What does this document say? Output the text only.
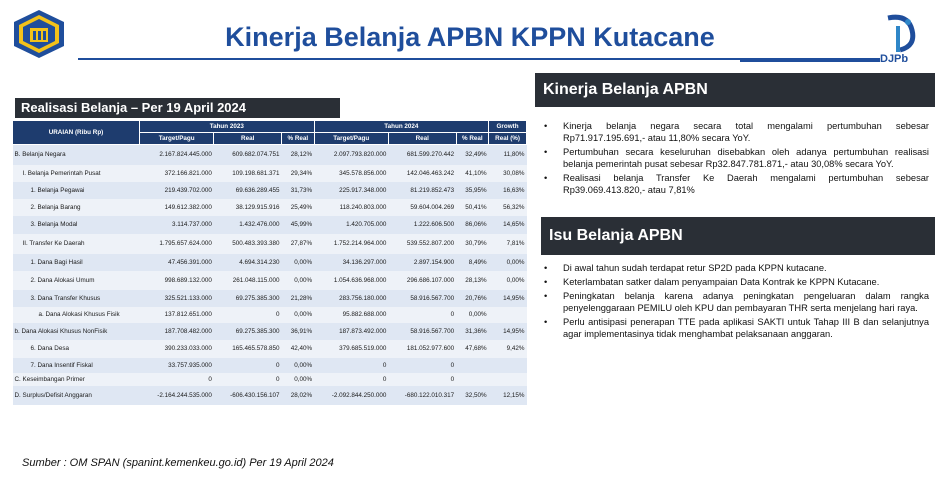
Kinerja Belanja APBN KPPN Kutacane
DJPb
Realisasi Belanja – Per 19 April 2024
URAIAN (Ribu Rp)	Tahun 2023			Tahun 2024			Growth
	Target/Pagu	Real	% Real	Target/Pagu	Real	% Real	Real (%)
B. Belanja Negara	2.167.824.445.000	609.682.074.751	28,12%	2.097.793.820.000	681.599.270.442	32,49%	11,80%
I. Belanja Pemerintah Pusat	372.166.821.000	109.198.681.371	29,34%	345.578.856.000	142.046.463.242	41,10%	30,08%
1. Belanja Pegawai	219.439.702.000	69.636.289.455	31,73%	225.917.348.000	81.219.852.473	35,95%	16,63%
2. Belanja Barang	149.612.382.000	38.129.915.916	25,49%	118.240.803.000	59.604.004.269	50,41%	56,32%
3. Belanja Modal	3.114.737.000	1.432.476.000	45,99%	1.420.705.000	1.222.606.500	86,06%	14,65%
II. Transfer Ke Daerah	1.795.657.624.000	500.483.393.380	27,87%	1.752.214.964.000	539.552.807.200	30,79%	7,81%
1. Dana Bagi Hasil	47.456.391.000	4.694.314.230	0,00%	34.136.297.000	2.897.154.900	8,49%	0,00%
2. Dana Alokasi Umum	998.689.132.000	261.048.115.000	0,00%	1.054.636.968.000	296.686.107.000	28,13%	0,00%
3. Dana Transfer Khusus	325.521.133.000	69.275.385.300	21,28%	283.756.180.000	58.916.567.700	20,76%	14,95%
a. Dana Alokasi Khusus Fisik	137.812.651.000	0	0,00%	95.882.688.000	0	0,00%	
b. Dana Alokasi Khusus NonFisik	187.708.482.000	69.275.385.300	36,91%	187.873.492.000	58.916.567.700	31,36%	14,95%
6. Dana Desa	390.233.033.000	165.465.578.850	42,40%	379.685.519.000	181.052.977.600	47,68%	9,42%
7. Dana Insentif Fiskal	33.757.935.000	0	0,00%	0	0		
C. Keseimbangan Primer	0	0	0,00%	0	0		
D. Surplus/Defisit Anggaran	-2.164.244.535.000	-606.430.156.107	28,02%	-2.092.844.250.000	-680.122.010.317	32,50%	12,15%
Kinerja Belanja APBN
• Kinerja belanja negara secara total mengalami pertumbuhan sebesar Rp71.917.195.691,- atau 11,80% secara YoY.
• Pertumbuhan secara keseluruhan disebabkan oleh adanya pertumbuhan realisasi belanja pemerintah pusat sebesar Rp32.847.781.871,- atau 30,08% secara YoY.
• Realisasi belanja Transfer Ke Daerah mengalami pertumbuhan sebesar Rp39.069.413.820,- atau 7,81%
Isu Belanja APBN
• Di awal tahun sudah terdapat retur SP2D pada KPPN kutacane.
• Keterlambatan satker dalam penyampaian Data Kontrak ke KPPN Kutacane.
• Peningkatan belanja karena adanya peningkatan pengeluaran dalam rangka penyelenggaraan PEMILU oleh KPU dan pembayaran THR serta menjelang hari raya.
• Perlu antisipasi penerapan TTE pada aplikasi SAKTI untuk Tahap III B dan selanjutnya agar implementasinya tidak menghambat pelaksanaan anggaran.
Sumber : OM SPAN (spanint.kemenkeu.go.id) Per 19 April 2024
